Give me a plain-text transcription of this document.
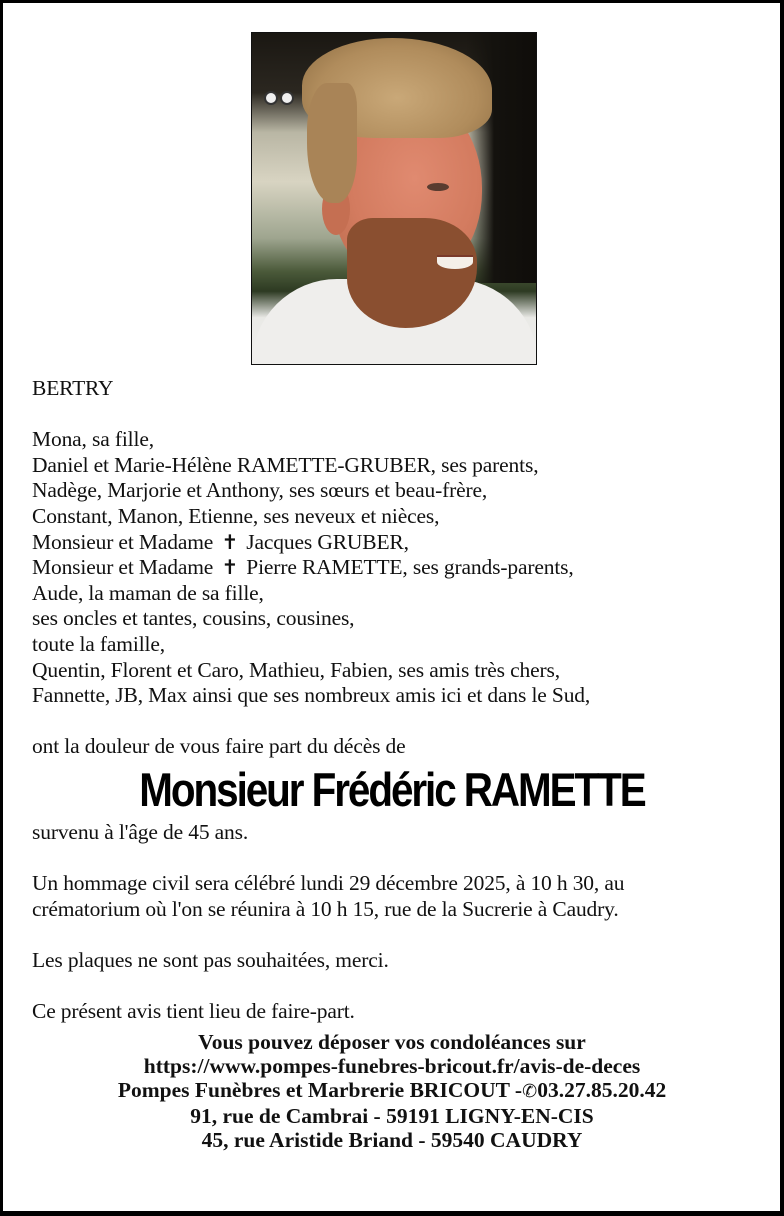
BERTRY

Mona, sa fille,

Daniel et Marie-Hélène RAMETTE-GRUBER, ses parents,

Nadège, Marjorie et Anthony, ses sœurs et beau-frère,

Constant, Manon, Etienne, ses neveux et nièces,

Monsieur et Madame ✝ Jacques GRUBER,

Monsieur et Madame ✝ Pierre RAMETTE, ses grands-parents,

Aude, la maman de sa fille,

ses oncles et tantes, cousins, cousines,

toute la famille,

Quentin, Florent et Caro, Mathieu, Fabien, ses amis très chers,

Fannette, JB, Max ainsi que ses nombreux amis ici et dans le Sud,

ont la douleur de vous faire part du décès de

Monsieur Frédéric RAMETTE

survenu à l'âge de 45 ans.

Un hommage civil sera célébré lundi 29 décembre 2025, à 10 h 30, au

crématorium où l'on se réunira à 10 h 15, rue de la Sucrerie à Caudry.

Les plaques ne sont pas souhaitées, merci.

Ce présent avis tient lieu de faire-part.

Vous pouvez déposer vos condoléances sur

https://www.pompes-funebres-bricout.fr/avis-de-deces

Pompes Funèbres et Marbrerie BRICOUT -✆03.27.85.20.42

91, rue de Cambrai - 59191 LIGNY-EN-CIS

45, rue Aristide Briand - 59540 CAUDRY
